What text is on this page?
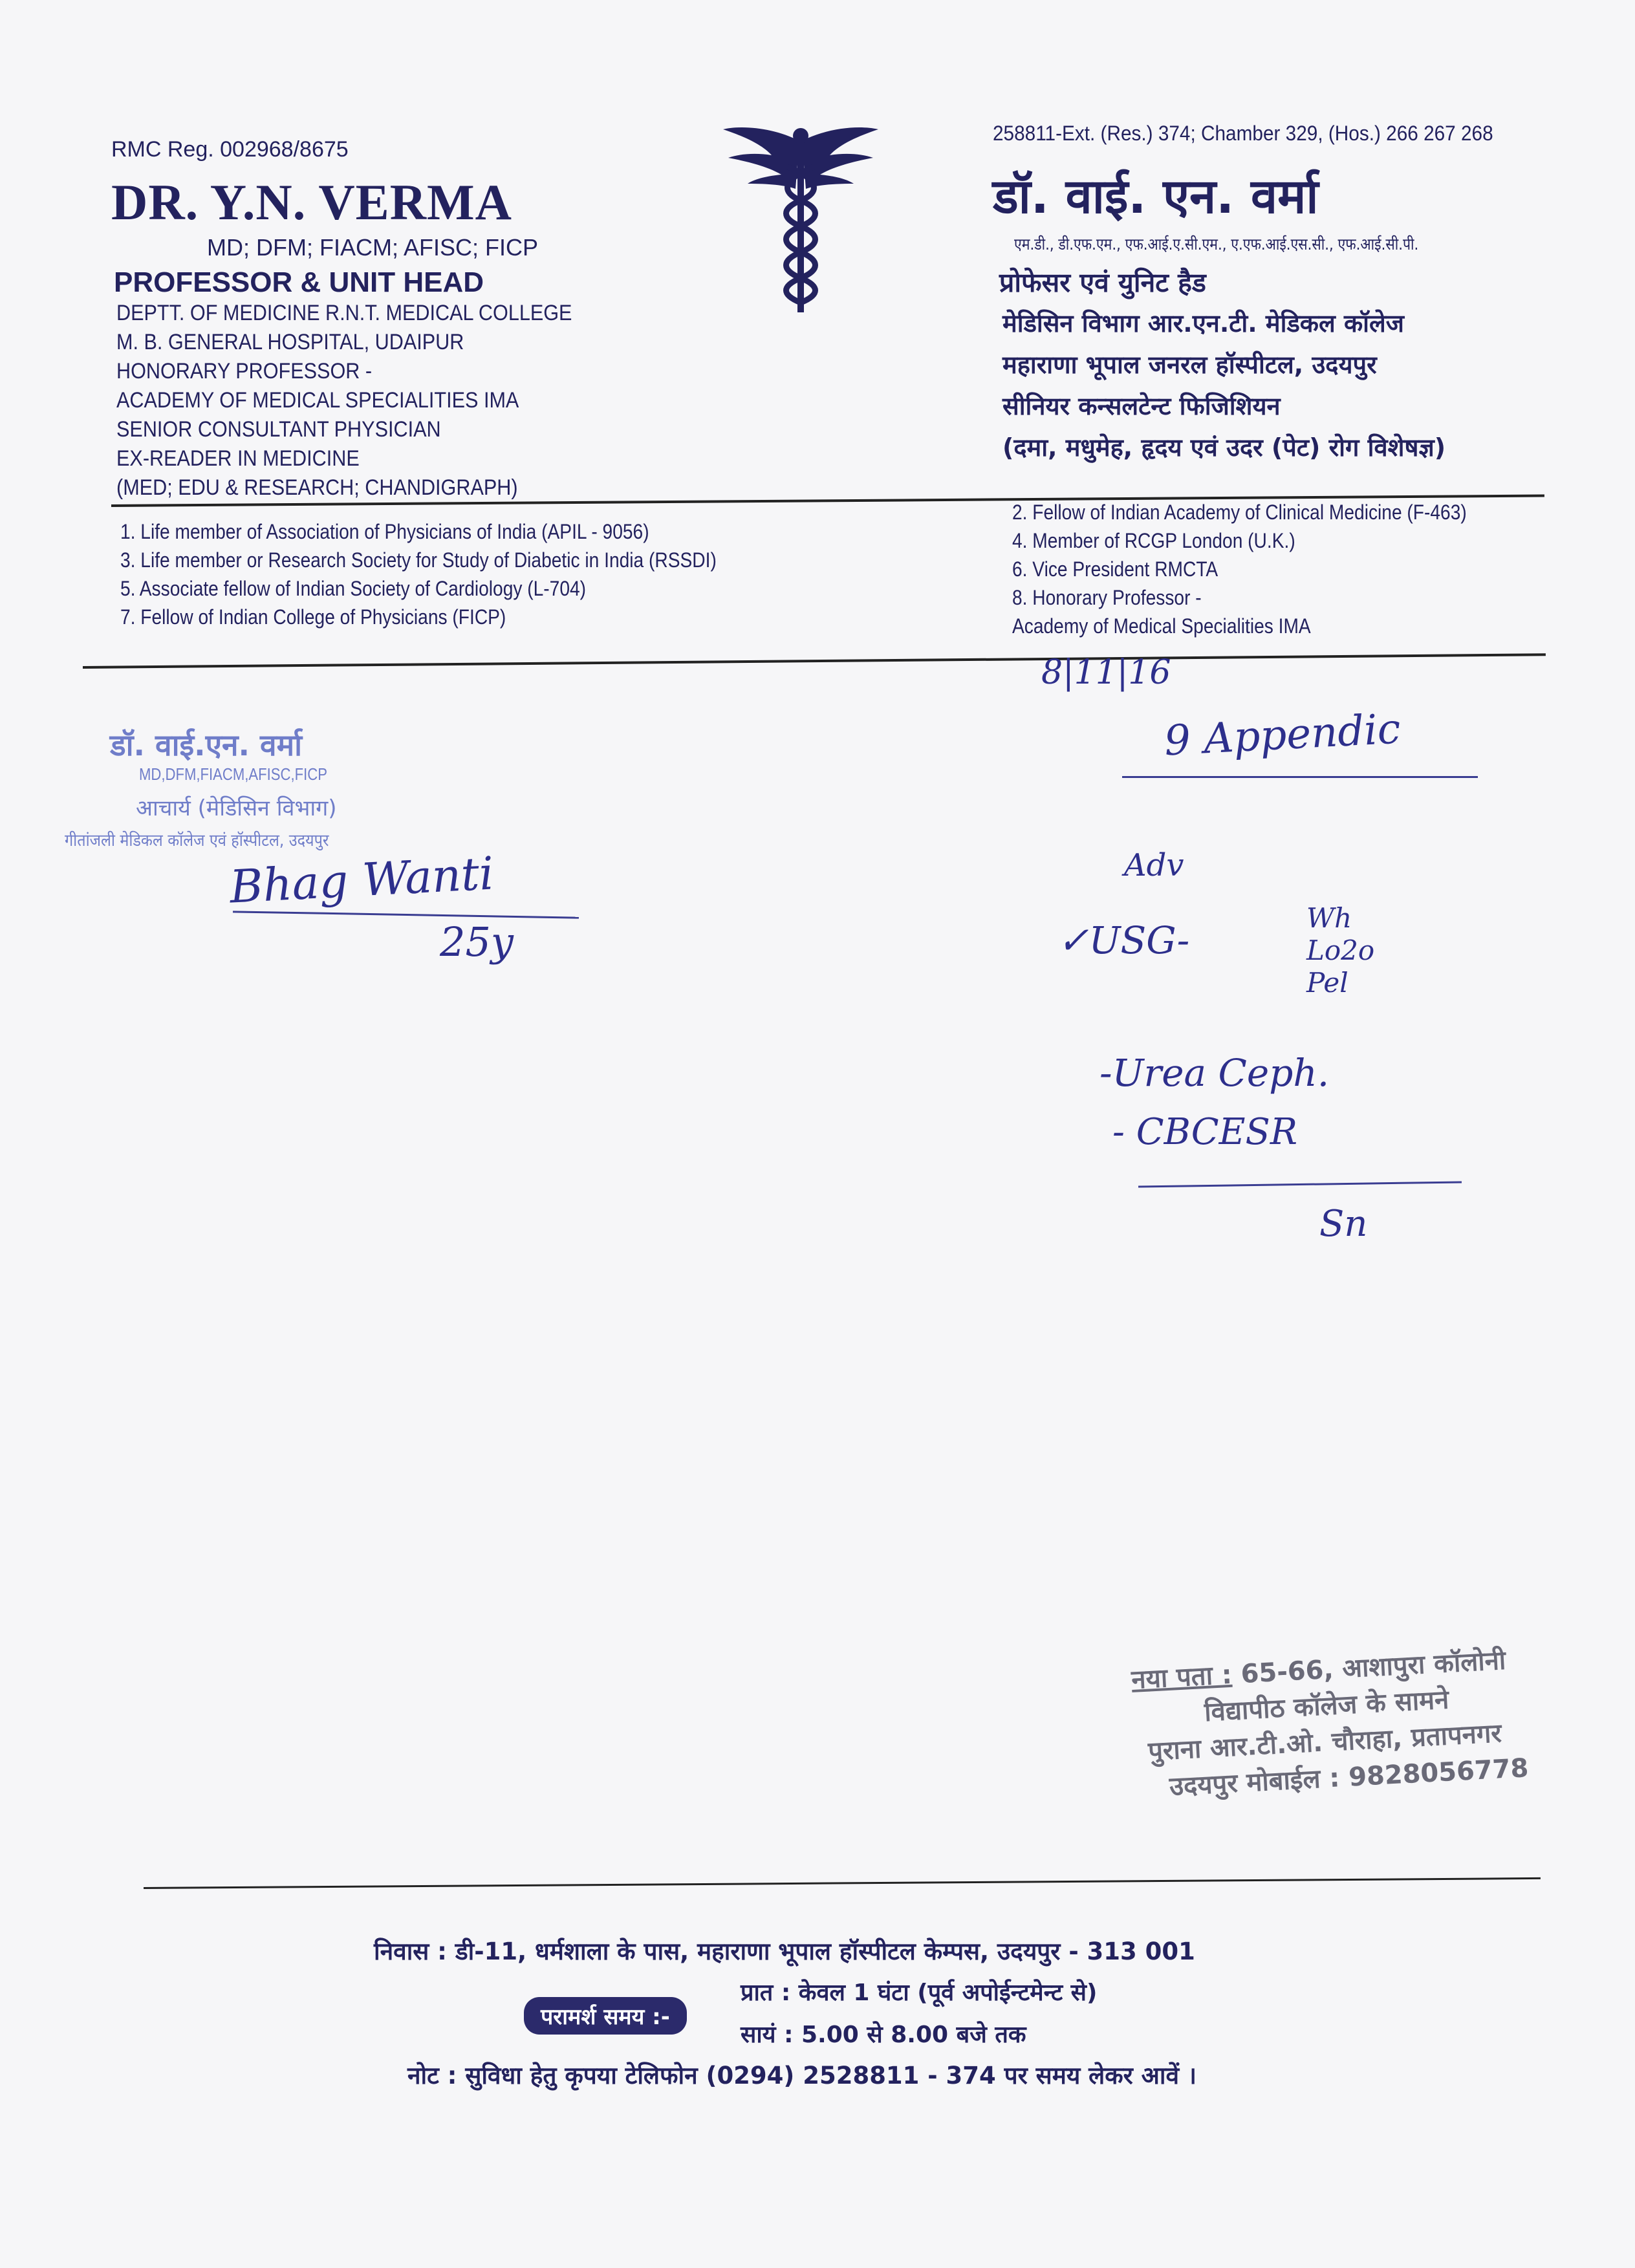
RMC Reg. 002968/8675
DR. Y.N. VERMA
MD; DFM; FIACM; AFISC; FICP
PROFESSOR & UNIT HEAD
DEPTT. OF MEDICINE R.N.T. MEDICAL COLLEGE
M. B. GENERAL HOSPITAL, UDAIPUR
HONORARY PROFESSOR -
ACADEMY OF MEDICAL SPECIALITIES IMA
SENIOR CONSULTANT PHYSICIAN
EX-READER IN MEDICINE
(MED; EDU & RESEARCH; CHANDIGRAPH)
258811-Ext. (Res.) 374; Chamber 329, (Hos.) 266 267 268
डॉ. वाई. एन. वर्मा
एम.डी., डी.एफ.एम., एफ.आई.ए.सी.एम., ए.एफ.आई.एस.सी., एफ.आई.सी.पी.
प्रोफेसर एवं युनिट हैड
मेडिसिन विभाग आर.एन.टी. मेडिकल कॉलेज
महाराणा भूपाल जनरल हॉस्पीटल, उदयपुर
सीनियर कन्सलटेन्ट फिजिशियन
(दमा, मधुमेह, हृदय एवं उदर (पेट) रोग विशेषज्ञ)
1. Life member of Association of Physicians of India (APIL - 9056)
3. Life member or Research Society for Study of Diabetic in India (RSSDI)
5. Associate fellow of Indian Society of Cardiology (L-704)
7. Fellow of Indian College of Physicians (FICP)
2. Fellow of Indian Academy of Clinical Medicine (F-463)
4. Member of RCGP London (U.K.)
6. Vice President RMCTA
8. Honorary Professor -
Academy of Medical Specialities IMA
डॉ. वाई.एन. वर्मा
MD,DFM,FIACM,AFISC,FICP
आचार्य (मेडिसिन विभाग)
गीतांजली मेडिकल कॉलेज एवं हॉस्पीटल, उदयपुर
Bhag Wanti
25y
8|11|16
9 Appendic
Adv
✓USG-
Wh
Lo2o
Pel
-Urea Ceph.
- CBCESR
Sn
नया पता : 65-66, आशापुरा कॉलोनी
विद्यापीठ कॉलेज के सामने
पुराना आर.टी.ओ. चौराहा, प्रतापनगर
उदयपुर मोबाईल : 9828056778
निवास : डी-11, धर्मशाला के पास, महाराणा भूपाल हॉस्पीटल केम्पस, उदयपुर - 313 001
परामर्श समय :-
प्रात : केवल 1 घंटा (पूर्व अपोईन्टमेन्ट से)
सायं : 5.00 से 8.00 बजे तक
नोट : सुविधा हेतु कृपया टेलिफोन (0294) 2528811 - 374 पर समय लेकर आवें ।
